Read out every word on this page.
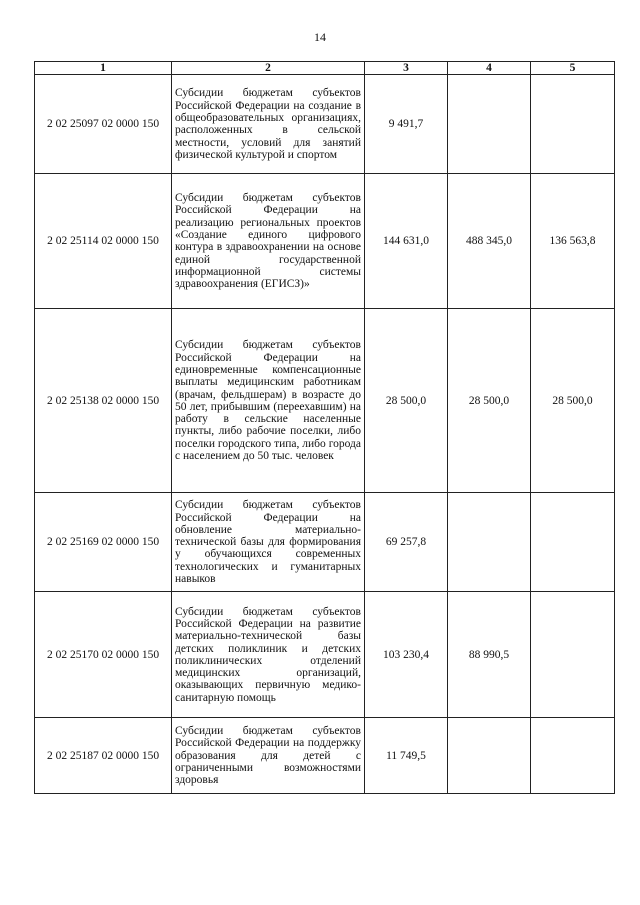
14
1	2	3	4	5
2 02 25097 02 0000 150	Субсидии бюджетам субъектов Российской Федерации на создание в общеобразовательных организациях, расположенных в сельской местности, условий для занятий физической культурой и спортом	9 491,7		
2 02 25114 02 0000 150	Субсидии бюджетам субъектов Российской Федерации на реализацию региональных проектов «Создание единого цифрового контура в здравоохранении на основе единой государственной информационной системы здравоохранения (ЕГИСЗ)»	144 631,0	488 345,0	136 563,8
2 02 25138 02 0000 150	Субсидии бюджетам субъектов Российской Федерации на единовременные компенсационные выплаты медицинским работникам (врачам, фельдшерам) в возрасте до 50 лет, прибывшим (переехавшим) на работу в сельские населенные пункты, либо рабочие поселки, либо поселки городского типа, либо города с населением до 50 тыс. человек	28 500,0	28 500,0	28 500,0
2 02 25169 02 0000 150	Субсидии бюджетам субъектов Российской Федерации на обновление материально-технической базы для формирования у обучающихся современных технологических и гуманитарных навыков	69 257,8		
2 02 25170 02 0000 150	Субсидии бюджетам субъектов Российской Федерации на развитие материально-технической базы детских поликлиник и детских поликлинических отделений медицинских организаций, оказывающих первичную медико-санитарную помощь	103 230,4	88 990,5	
2 02 25187 02 0000 150	Субсидии бюджетам субъектов Российской Федерации на поддержку образования для детей с ограниченными возможностями здоровья	11 749,5		
